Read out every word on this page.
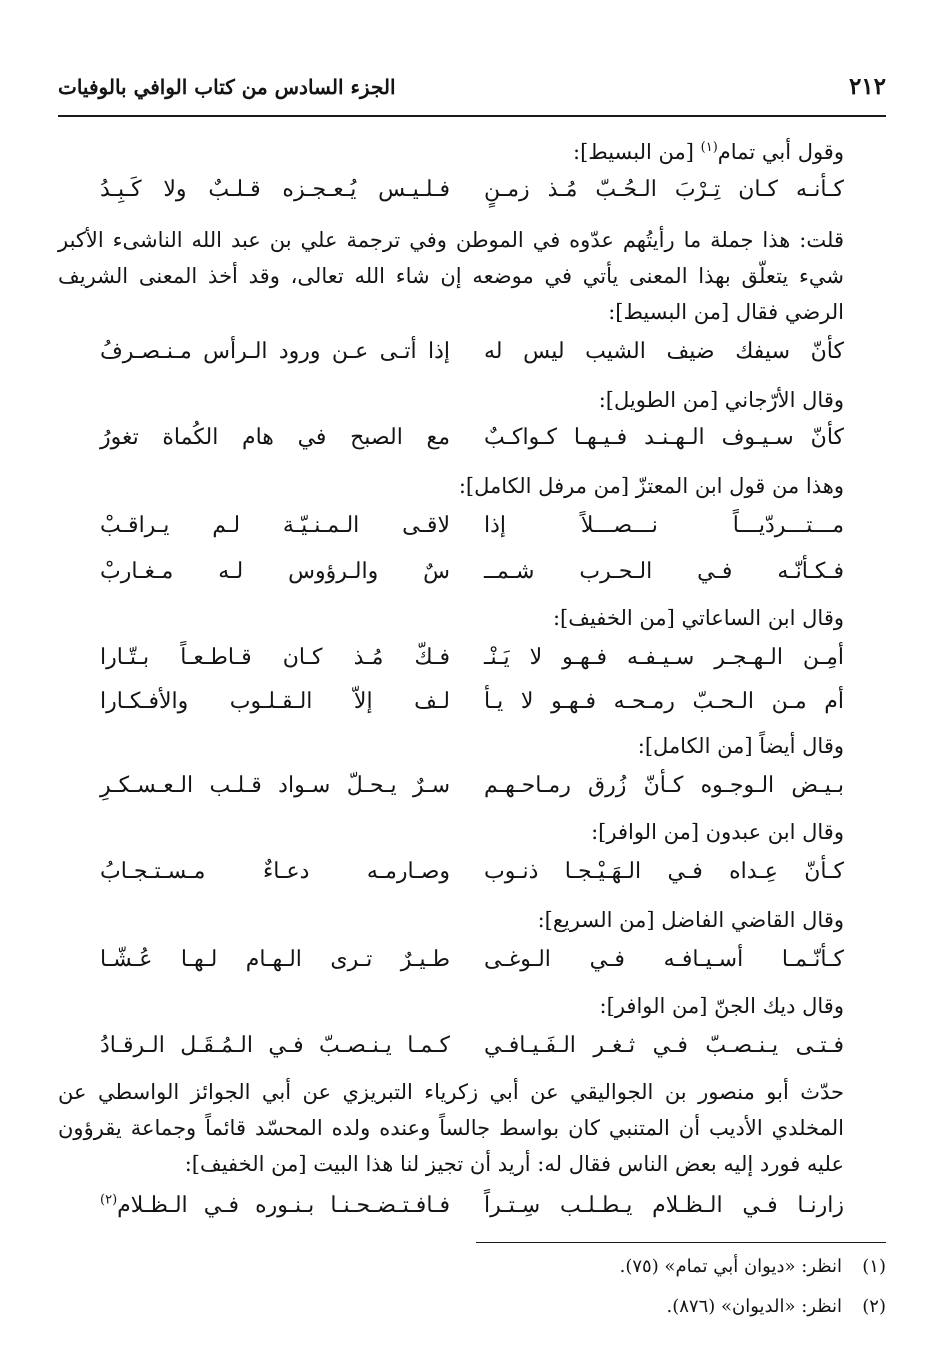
٢١٢
الجزء السادس من كتاب الوافي بالوفيات
وقول أبي تمام$^{(١)}$ [من البسيط]:
كـأنـه كـان تِـرْبَ الـحُـبّ مُـذ زمـنٍ
فـلـيـس يُـعـجـزه قـلـبٌ ولا كَـبِـدُ
قلت: هذا جملة ما رأيتُهم عدّوه في الموطن وفي ترجمة علي بن عبد الله الناشىء الأكبر شيء يتعلّق بهذا المعنى يأتي في موضعه إن شاء الله تعالى، وقد أخذ المعنى الشريف الرضي فقال [من البسيط]:
كأنّ سيفك ضيف الشيب ليس له
إذا أتـى عـن ورود الـرأس مـنـصـرفُ
وقال الأرّجاني [من الطويل]:
كأنّ سـيـوف الـهـنـد فـيـهـا كـواكـبٌ
مع الصبح في هام الكُماة تغورُ
وهذا من قول ابن المعتزّ [من مرفل الكامل]:
مـــتـــردّيـــاً نـــصـــلاً إذا
لاقـى الـمـنـيّـة لـم يـراقـبْ
فـكـأنّـه فـي الـحـرب شـمــ
سٌ والـرؤوس لـه مـغـاربْ
وقال ابن الساعاتي [من الخفيف]:
أمِـن الـهـجـر سـيـفـه فـهـو لا يَـنْـ
فـكّ مُـذ كـان قـاطـعـاً بـتّـارا
أم مـن الـحـبّ رمـحـه فـهـو لا يـأ
لـف إلاّ الـقـلـوب والأفـكـارا
وقال أيضاً [من الكامل]:
بـيـض الـوجـوه كـأنّ زُرق رمـاحـهـم
سـرٌ يـحـلّ سـواد قـلـب الـعـسـكـرِ
وقال ابن عبدون [من الوافر]:
كـأنّ عِـداه فـي الـهَـيْـجـا ذنـوب
وصـارمـه دعـاءٌ مـسـتـجـابُ
وقال القاضي الفاضل [من السريع]:
كـأنّـمـا أسـيـافـه فـي الـوغـى
طـيـرٌ تـرى الـهـام لـهـا عُـشّـا
وقال ديك الجنّ [من الوافر]:
فـتـى يـنـصـبّ فـي ثـغـر الـفَـيـافـي
كـمـا يـنـصـبّ فـي الـمُـقَـل الـرقـادُ
حدّث أبو منصور بن الجواليقي عن أبي زكرياء التبريزي عن أبي الجوائز الواسطي عن المخلدي الأديب أن المتنبي كان بواسط جالساً وعنده ولده المحسّد قائماً وجماعة يقرؤون عليه فورد إليه بعض الناس فقال له: أريد أن تجيز لنا هذا البيت [من الخفيف]:
زارنـا فـي الـظـلام يـطـلـب سِـتـراً
فـافـتـضـحـنـا بـنـوره فـي الـظـلام$^{(٢)}$
(١)انظر: «ديوان أبي تمام» (٧٥).
(٢)انظر: «الديوان» (٨٧٦).
